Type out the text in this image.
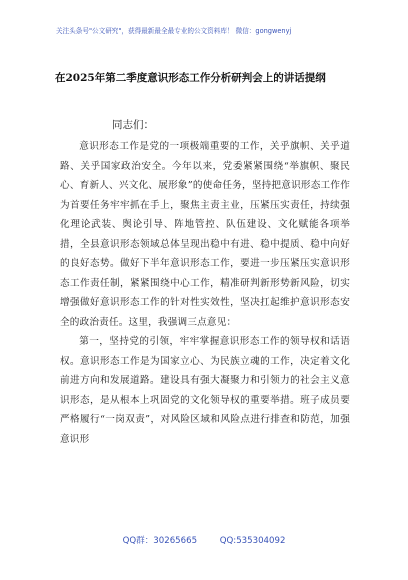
关注头条号"公文研究"，获得最新最全最专业的公文资料库！ 微信：gongwenyj
在2025年第二季度意识形态工作分析研判会上的讲话提纲
同志们：

意识形态工作是党的一项极端重要的工作，关乎旗帜、关乎道路、关乎国家政治安全。今年以来，党委紧紧围绕“举旗帜、聚民心、育新人、兴文化、展形象”的使命任务，坚持把意识形态工作作为首要任务牢牢抓在手上，聚焦主责主业，压紧压实责任，持续强化理论武装、舆论引导、阵地管控、队伍建设、文化赋能各项举措，全县意识形态领域总体呈现出稳中有进、稳中提质、稳中向好的良好态势。做好下半年意识形态工作，要进一步压紧压实意识形态工作责任制，紧紧围绕中心工作，精准研判新形势新风险，切实增强做好意识形态工作的针对性实效性，坚决扛起维护意识形态安全的政治责任。这里，我强调三点意见：

第一，坚持党的引领，牢牢掌握意识形态工作的领导权和话语权。意识形态工作是为国家立心、为民族立魂的工作，决定着文化前进方向和发展道路。建设具有强大凝聚力和引领力的社会主义意识形态，是从根本上巩固党的文化领导权的重要举措。班子成员要严格履行“一岗双责”，对风险区域和风险点进行排查和防范，加强意识形

QQ群：30265665	QQ:535304092
